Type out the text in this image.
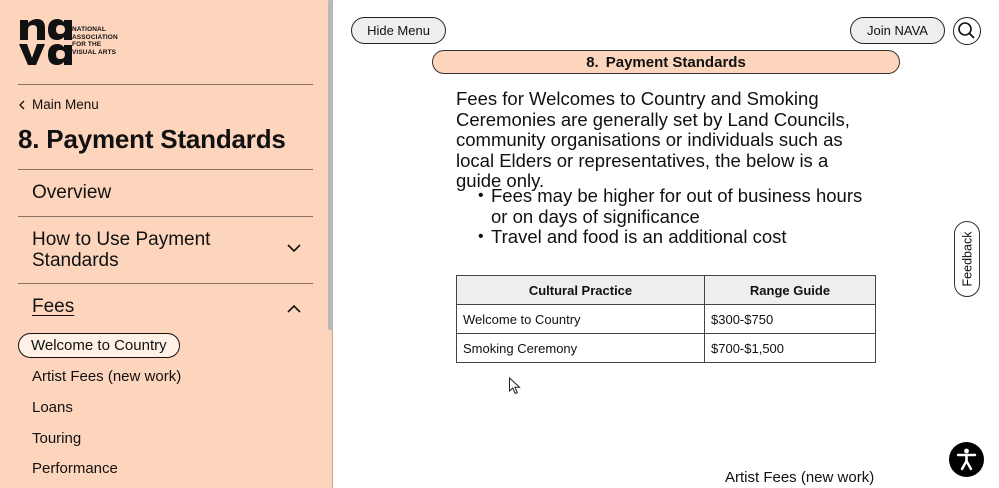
NATIONAL
ASSOCIATION
FOR THE
VISUAL ARTS
Main Menu
8. Payment Standards
Overview
How to Use Payment Standards
Fees
Welcome to Country
Artist Fees (new work)
Loans
Touring
Performance
Hide Menu	Join NAVA
8. Payment Standards

Fees for Welcomes to Country and Smoking Ceremonies are generally set by Land Councils, community organisations or individuals such as local Elders or representatives, the below is a guide only.

• Fees may be higher for out of business hours or on days of significance
• Travel and food is an additional cost
Cultural Practice	Range Guide
Welcome to Country	$300-$750
Smoking Ceremony	$700-$1,500
Artist Fees (new work)
Feedback
